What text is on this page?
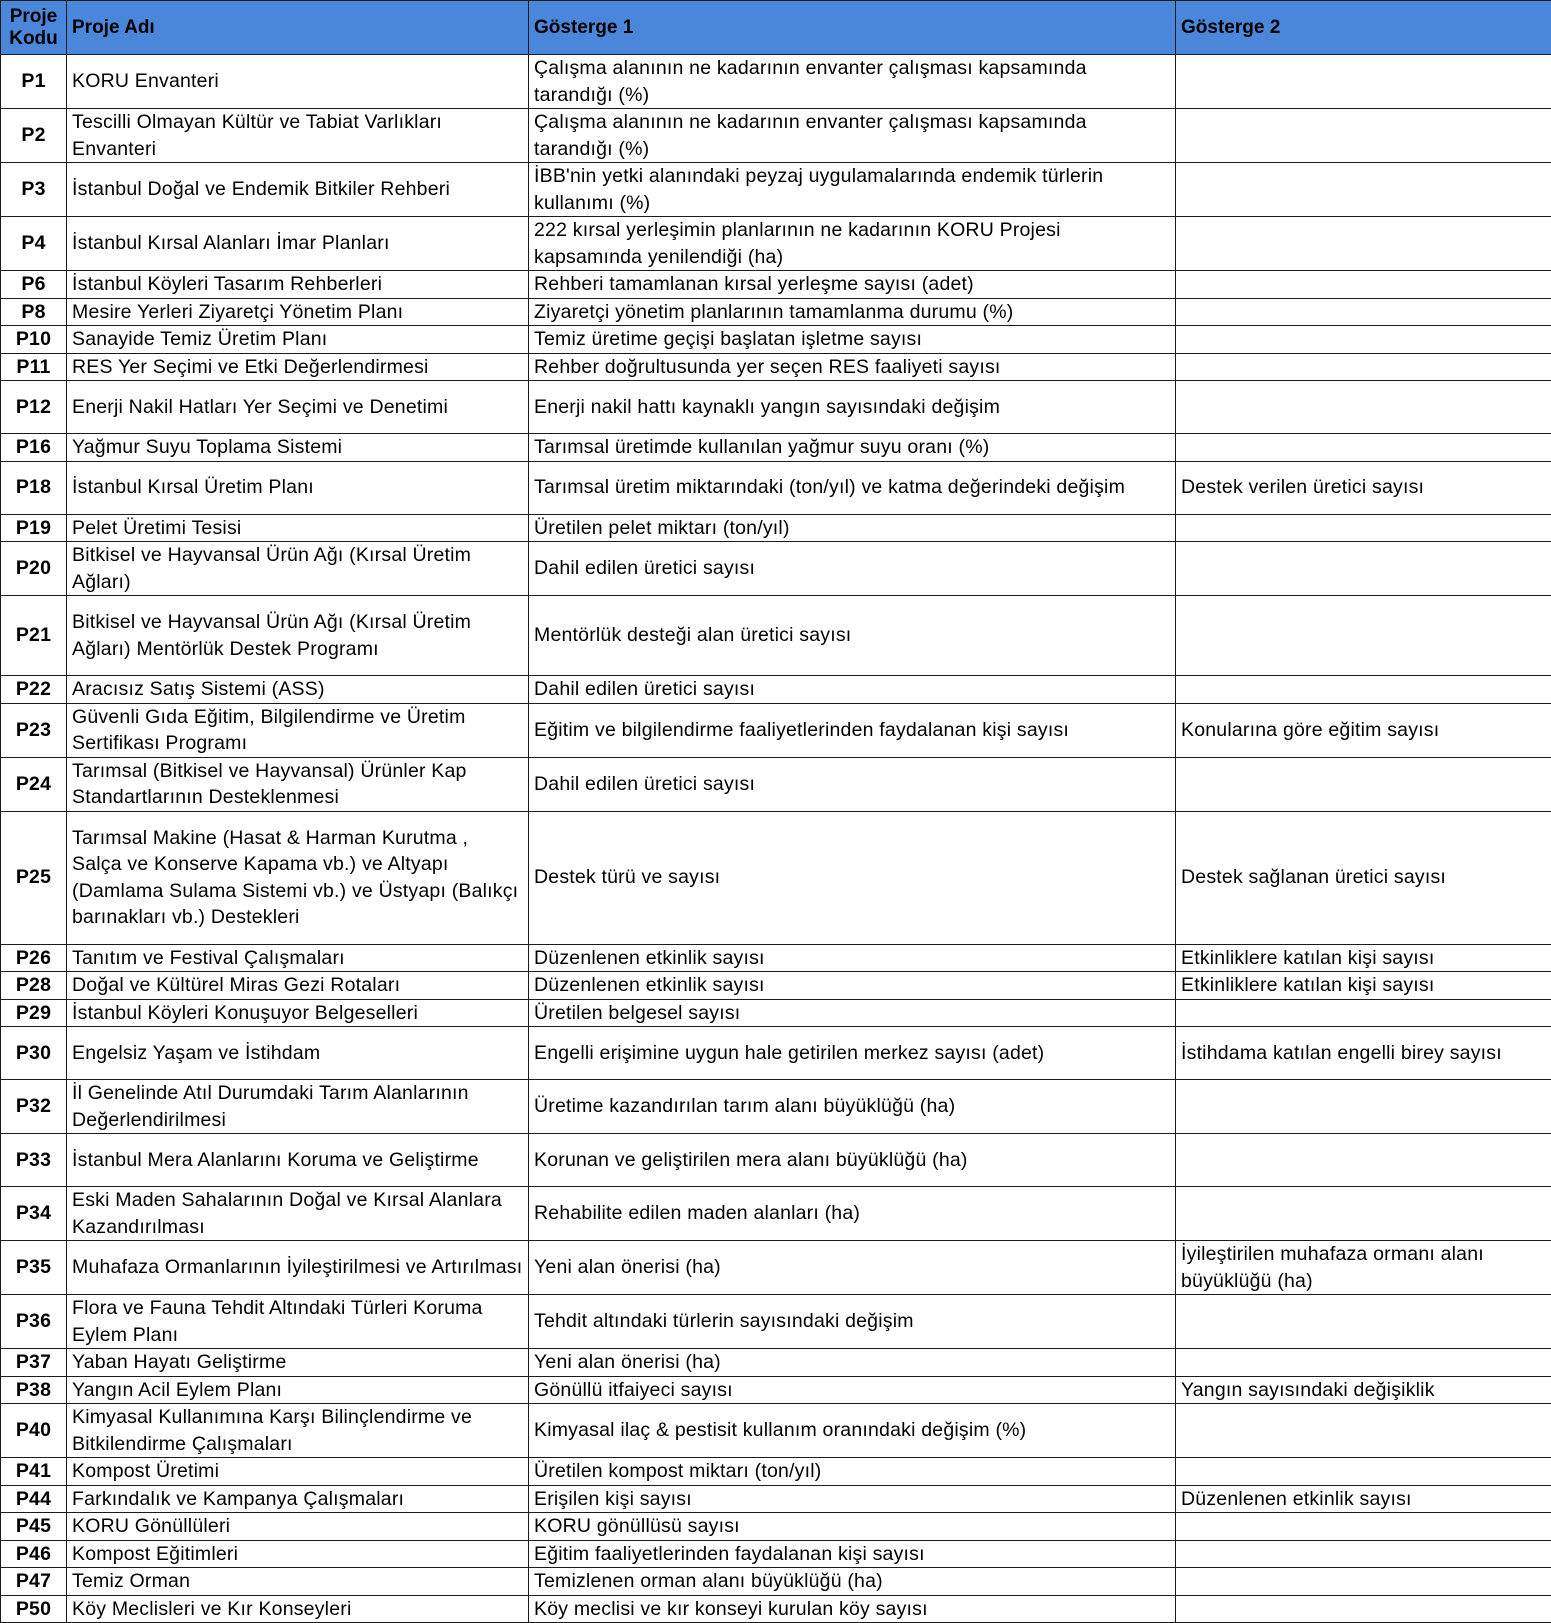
Proje Kodu	Proje Adı	Gösterge 1	Gösterge 2
P1	KORU Envanteri	Çalışma alanının ne kadarının envanter çalışması kapsamında tarandığı (%)	
P2	Tescilli Olmayan Kültür ve Tabiat Varlıkları Envanteri	Çalışma alanının ne kadarının envanter çalışması kapsamında tarandığı (%)	
P3	İstanbul Doğal ve Endemik Bitkiler Rehberi	İBB'nin yetki alanındaki peyzaj uygulamalarında endemik türlerin kullanımı (%)	
P4	İstanbul Kırsal Alanları İmar Planları	222 kırsal yerleşimin planlarının ne kadarının KORU Projesi kapsamında yenilendiği (ha)	
P6	İstanbul Köyleri Tasarım Rehberleri	Rehberi tamamlanan kırsal yerleşme sayısı (adet)	
P8	Mesire Yerleri Ziyaretçi Yönetim Planı	Ziyaretçi yönetim planlarının tamamlanma durumu (%)	
P10	Sanayide Temiz Üretim Planı	Temiz üretime geçişi başlatan işletme sayısı	
P11	RES Yer Seçimi ve Etki Değerlendirmesi	Rehber doğrultusunda yer seçen RES faaliyeti sayısı	
P12	Enerji Nakil Hatları Yer Seçimi ve Denetimi	Enerji nakil hattı kaynaklı yangın sayısındaki değişim	
P16	Yağmur Suyu Toplama Sistemi	Tarımsal üretimde kullanılan yağmur suyu oranı (%)	
P18	İstanbul Kırsal Üretim Planı	Tarımsal üretim miktarındaki (ton/yıl) ve katma değerindeki değişim	Destek verilen üretici sayısı
P19	Pelet Üretimi Tesisi	Üretilen pelet miktarı (ton/yıl)	
P20	Bitkisel ve Hayvansal Ürün Ağı (Kırsal Üretim Ağları)	Dahil edilen üretici sayısı	
P21	Bitkisel ve Hayvansal Ürün Ağı (Kırsal Üretim Ağları) Mentörlük Destek Programı	Mentörlük desteği alan üretici sayısı	
P22	Aracısız Satış Sistemi (ASS)	Dahil edilen üretici sayısı	
P23	Güvenli Gıda Eğitim, Bilgilendirme ve Üretim Sertifikası Programı	Eğitim ve bilgilendirme faaliyetlerinden faydalanan kişi sayısı	Konularına göre eğitim sayısı
P24	Tarımsal (Bitkisel ve Hayvansal) Ürünler Kap Standartlarının Desteklenmesi	Dahil edilen üretici sayısı	
P25	Tarımsal Makine (Hasat & Harman Kurutma , Salça ve Konserve Kapama vb.) ve Altyapı (Damlama Sulama Sistemi vb.) ve Üstyapı (Balıkçı barınakları vb.) Destekleri	Destek türü ve sayısı	Destek sağlanan üretici sayısı
P26	Tanıtım ve Festival Çalışmaları	Düzenlenen etkinlik sayısı	Etkinliklere katılan kişi sayısı
P28	Doğal ve Kültürel Miras Gezi Rotaları	Düzenlenen etkinlik sayısı	Etkinliklere katılan kişi sayısı
P29	İstanbul Köyleri Konuşuyor Belgeselleri	Üretilen belgesel sayısı	
P30	Engelsiz Yaşam ve İstihdam	Engelli erişimine uygun hale getirilen merkez sayısı (adet)	İstihdama katılan engelli birey sayısı
P32	İl Genelinde Atıl Durumdaki Tarım Alanlarının Değerlendirilmesi	Üretime kazandırılan tarım alanı büyüklüğü (ha)	
P33	İstanbul Mera Alanlarını Koruma ve Geliştirme	Korunan ve geliştirilen mera alanı büyüklüğü (ha)	
P34	Eski Maden Sahalarının Doğal ve Kırsal Alanlara Kazandırılması	Rehabilite edilen maden alanları (ha)	
P35	Muhafaza Ormanlarının İyileştirilmesi ve Artırılması	Yeni alan önerisi (ha)	İyileştirilen muhafaza ormanı alanı büyüklüğü (ha)
P36	Flora ve Fauna Tehdit Altındaki Türleri Koruma Eylem Planı	Tehdit altındaki türlerin sayısındaki değişim	
P37	Yaban Hayatı Geliştirme	Yeni alan önerisi (ha)	
P38	Yangın Acil Eylem Planı	Gönüllü itfaiyeci sayısı	Yangın sayısındaki değişiklik
P40	Kimyasal Kullanımına Karşı Bilinçlendirme ve Bitkilendirme Çalışmaları	Kimyasal ilaç & pestisit kullanım oranındaki değişim (%)	
P41	Kompost Üretimi	Üretilen kompost miktarı (ton/yıl)	
P44	Farkındalık ve Kampanya Çalışmaları	Erişilen kişi sayısı	Düzenlenen etkinlik sayısı
P45	KORU Gönüllüleri	KORU gönüllüsü sayısı	
P46	Kompost Eğitimleri	Eğitim faaliyetlerinden faydalanan kişi sayısı	
P47	Temiz Orman	Temizlenen orman alanı büyüklüğü (ha)	
P50	Köy Meclisleri ve Kır Konseyleri	Köy meclisi ve kır konseyi kurulan köy sayısı	
